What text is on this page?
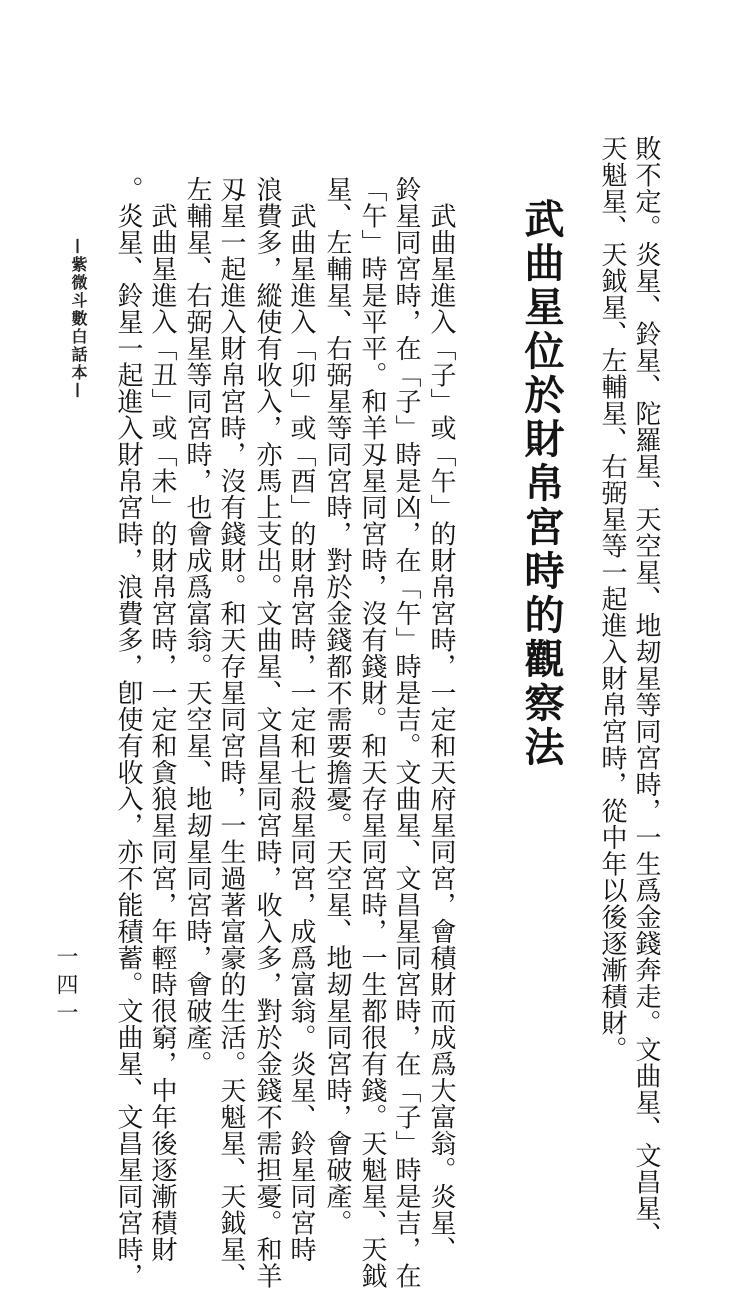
敗不定。炎星、鈴星、陀羅星、天空星、地刼星等同宮時，一生爲金錢奔走。文曲星、文昌星、
天魁星、天鉞星、左輔星、右弼星等一起進入財帛宮時，從中年以後逐漸積財。
武曲星位於財帛宮時的觀察法
　武曲星進入「子」或「午」的財帛宮時，一定和天府星同宮，會積財而成爲大富翁。炎星、
鈴星同宮時，在「子」時是凶，在「午」時是吉。文曲星、文昌星同宮時，在「子」時是吉，在
「午」時是平平。和羊刄星同宮時，沒有錢財。和天存星同宮時，一生都很有錢。天魁星、天鉞
星、左輔星、右弼星等同宮時，對於金錢都不需要擔憂。天空星、地刼星同宮時，會破產。
　武曲星進入「卯」或「酉」的財帛宮時，一定和七殺星同宮，成爲富翁。炎星、鈴星同宮時
浪費多，縱使有收入，亦馬上支出。文曲星、文昌星同宮時，收入多，對於金錢不需担憂。和羊
刄星一起進入財帛宮時，沒有錢財。和天存星同宮時，一生過著富豪的生活。天魁星、天鉞星、
左輔星、右弼星等同宮時，也會成爲富翁。天空星、地刼星同宮時，會破產。
　武曲星進入「丑」或「未」的財帛宮時，一定和貪狼星同宮，年輕時很窮，中年後逐漸積財
。炎星、鈴星一起進入財帛宮時，浪費多，卽使有收入，亦不能積蓄。文曲星、文昌星同宮時，
—紫微斗數白話本—
一四一
